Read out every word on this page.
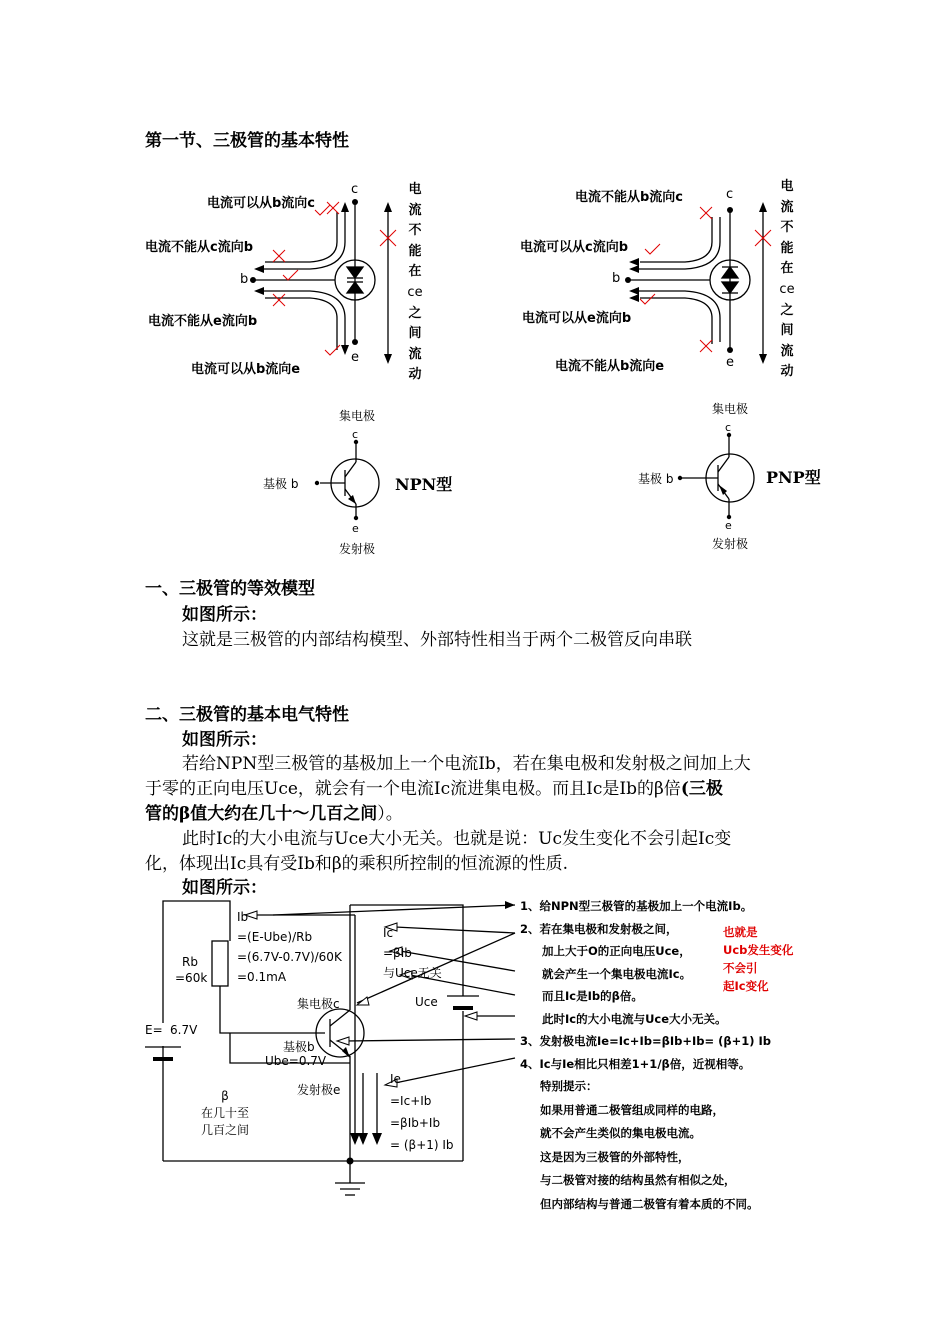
第一节、三极管的基本特性
c
b
e
电流可以从b流向c
电流不能从c流向b
电流不能从e流向b
电流可以从b流向e
电
流
不
能
在
ce
之
间
流
动
c
b
e
电流不能从b流向c
电流可以从c流向b
电流可以从e流向b
电流不能从b流向e
电
流
不
能
在
ce
之
间
流
动
集电极
c
基极 b
e
发射极
NPN型
集电极
c
基极 b
e
发射极
PNP型
一、三极管的等效模型
如图所示：
这就是三极管的内部结构模型、外部特性相当于两个二极管反向串联
二、三极管的基本电气特性
如图所示：
若给NPN型三极管的基极加上一个电流Ib，若在集电极和发射极之间加上大
于零的正向电压Uce，就会有一个电流Ic流进集电极。而且Ic是Ib的β倍(三极
管的β值大约在几十～几百之间）。
此时Ic的大小电流与Uce大小无关。也就是说：Uc发生变化不会引起Ic变
化，体现出Ic具有受Ib和β的乘积所控制的恒流源的性质.
如图所示：
Rb
=60k
E= 6.7V
Ib
=(E-Ube)/Rb
=(6.7V-0.7V)/60K
=0.1mA
Ic
=βIb
与Uce无关
Uce
集电极c
基极b
Ube=0.7V
发射极e
Ie
=Ic+Ib
=βIb+Ib
= (β+1) Ib
β
在几十至
几百之间
1、给NPN型三极管的基极加上一个电流Ib。
2、若在集电极和发射极之间，
加上大于O的正向电压Uce，
就会产生一个集电极电流Ic。
而且Ic是Ib的β倍。
此时Ic的大小电流与Uce大小无关。
3、发射极电流Ie=Ic+Ib=βIb+Ib= (β+1) Ib
4、Ic与Ie相比只相差1+1/β倍，近视相等。
也就是
Ucb发生变化
不会引
起Ic变化
特别提示：
如果用普通二极管组成同样的电路，
就不会产生类似的集电极电流。
这是因为三极管的外部特性，
与二极管对接的结构虽然有相似之处，
但内部结构与普通二极管有着本质的不同。
